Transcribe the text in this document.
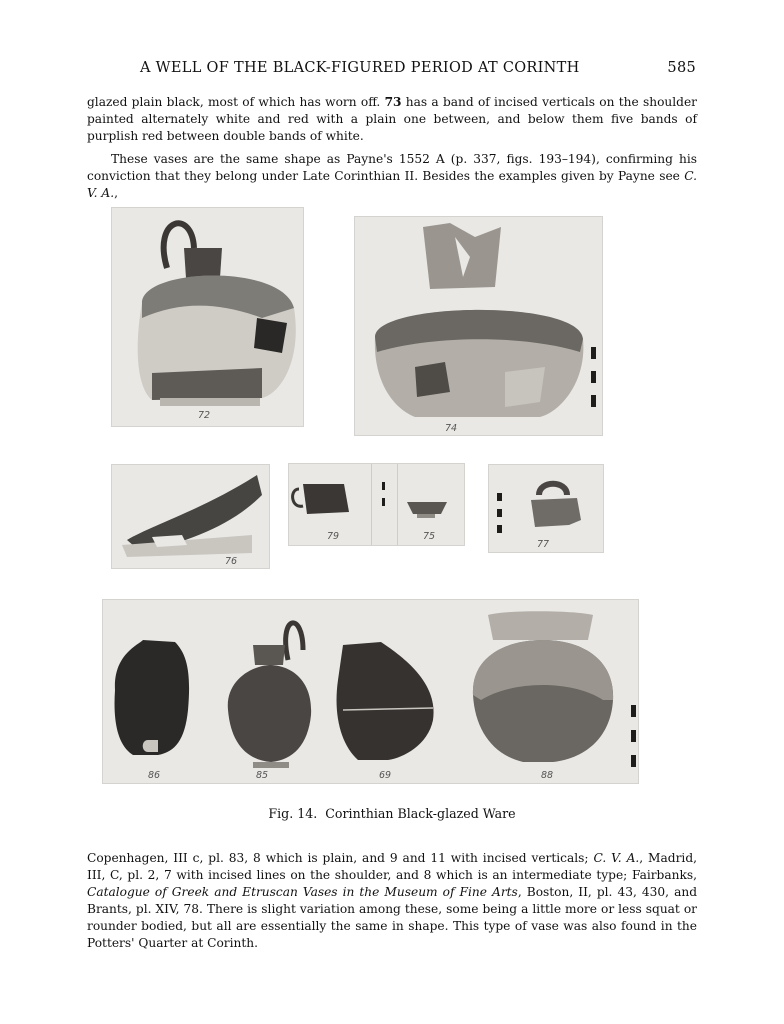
A WELL OF THE BLACK-FIGURED PERIOD AT CORINTH	585
glazed plain black, most of which has worn off. 73 has a band of incised verticals on the shoulder painted alternately white and red with a plain one between, and below them five bands of purplish red between double bands of white.
These vases are the same shape as Payne's 1552 A (p. 337, figs. 193–194), confirming his conviction that they belong under Late Corinthian II. Besides the examples given by Payne see C. V. A.,
72
74
76
79	75
77
86	85	69	88
Fig. 14. Corinthian Black-glazed Ware
Copenhagen, III c, pl. 83, 8 which is plain, and 9 and 11 with incised verticals; C. V. A., Madrid, III, C, pl. 2, 7 with incised lines on the shoulder, and 8 which is an intermediate type; Fairbanks, Catalogue of Greek and Etruscan Vases in the Museum of Fine Arts, Boston, II, pl. 43, 430, and Brants, pl. XIV, 78. There is slight variation among these, some being a little more or less squat or rounder bodied, but all are essentially the same in shape. This type of vase was also found in the Potters' Quarter at Corinth.
